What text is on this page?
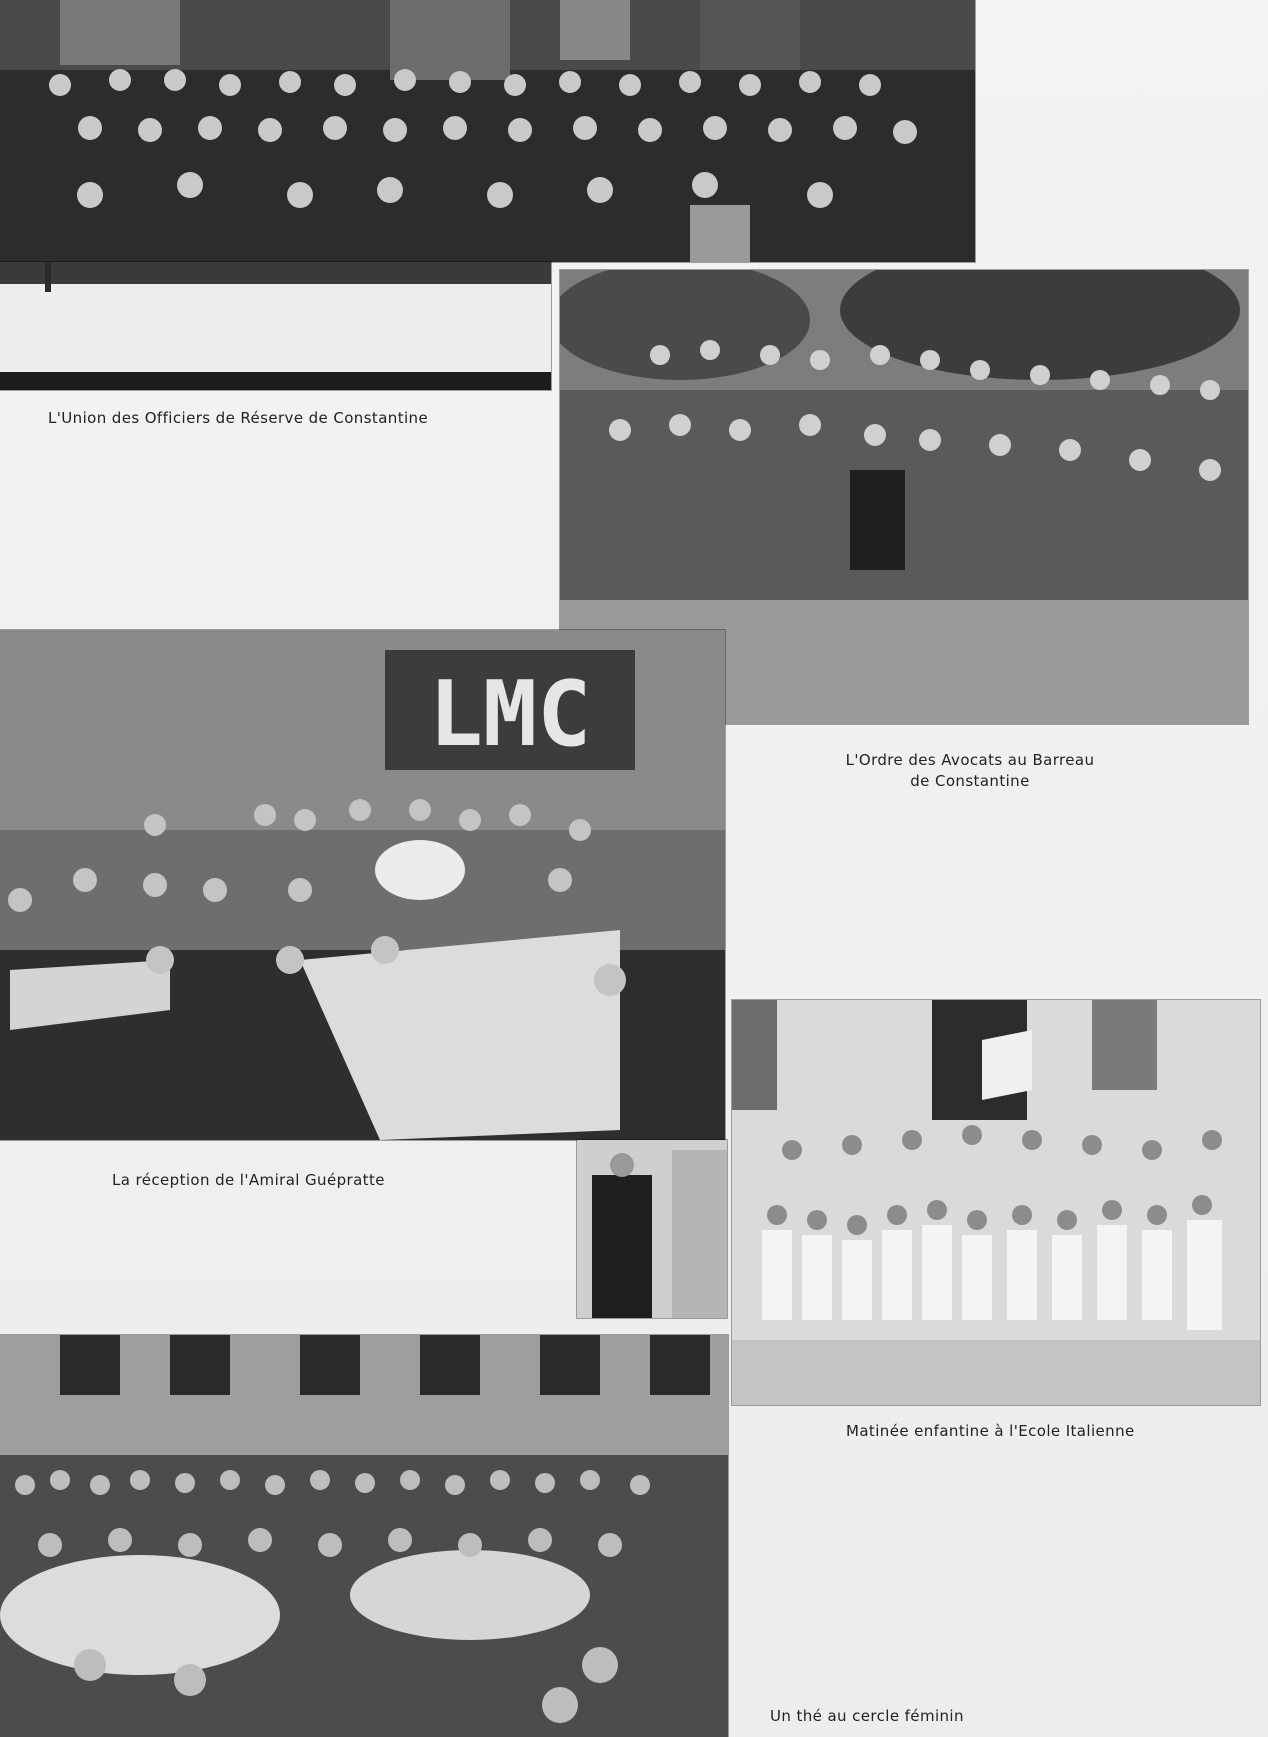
L'Union des Officiers de Réserve de Constantine
L'Ordre des Avocats au Barreau
de Constantine
LMC
La réception de l'Amiral Guépratte
Matinée enfantine à l'Ecole Italienne
Un thé au cercle féminin
